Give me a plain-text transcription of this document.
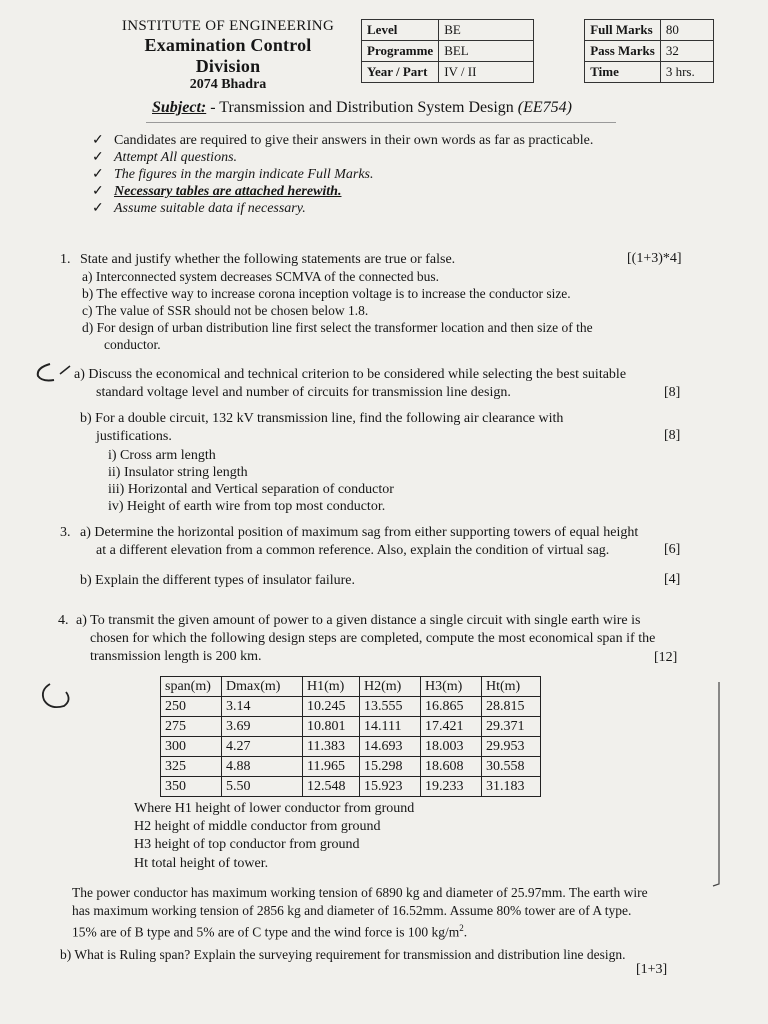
INSTITUTE OF ENGINEERING
Examination Control Division
2074 Bhadra
Level	BE		Full Marks	80
Programme	BEL		Pass Marks	32
Year / Part	IV / II		Time	3 hrs.
Subject: - Transmission and Distribution System Design (EE754)
✓ Candidates are required to give their answers in their own words as far as practicable.
✓ Attempt All questions.
✓ The figures in the margin indicate Full Marks.
✓ Necessary tables are attached herewith.
✓ Assume suitable data if necessary.
1. State and justify whether the following statements are true or false.	[(1+3)*4]
a) Interconnected system decreases SCMVA of the connected bus.
b) The effective way to increase corona inception voltage is to increase the conductor size.
c) The value of SSR should not be chosen below 1.8.
d) For design of urban distribution line first select the transformer location and then size of the
conductor.
a) Discuss the economical and technical criterion to be considered while selecting the best suitable
standard voltage level and number of circuits for transmission line design.	[8]
b) For a double circuit, 132 kV transmission line, find the following air clearance with
justifications.	[8]
i) Cross arm length
ii) Insulator string length
iii) Horizontal and Vertical separation of conductor
iv) Height of earth wire from top most conductor.
3. a) Determine the horizontal position of maximum sag from either supporting towers of equal height
at a different elevation from a common reference. Also, explain the condition of virtual sag.	[6]
b) Explain the different types of insulator failure.	[4]
4. a) To transmit the given amount of power to a given distance a single circuit with single earth wire is
chosen for which the following design steps are completed, compute the most economical span if the
transmission length is 200 km.	[12]
span(m)	Dmax(m)	H1(m)	H2(m)	H3(m)	Ht(m)
250	3.14	10.245	13.555	16.865	28.815
275	3.69	10.801	14.111	17.421	29.371
300	4.27	11.383	14.693	18.003	29.953
325	4.88	11.965	15.298	18.608	30.558
350	5.50	12.548	15.923	19.233	31.183
Where H1 height of lower conductor from ground
H2 height of middle conductor from ground
H3 height of top conductor from ground
Ht total height of tower.
The power conductor has maximum working tension of 6890 kg and diameter of 25.97mm. The earth wire
has maximum working tension of 2856 kg and diameter of 16.52mm. Assume 80% tower are of A type.
15% are of B type and 5% are of C type and the wind force is 100 $kg/m^2$.
b) What is Ruling span? Explain the surveying requirement for transmission and distribution line design.
[1+3]
